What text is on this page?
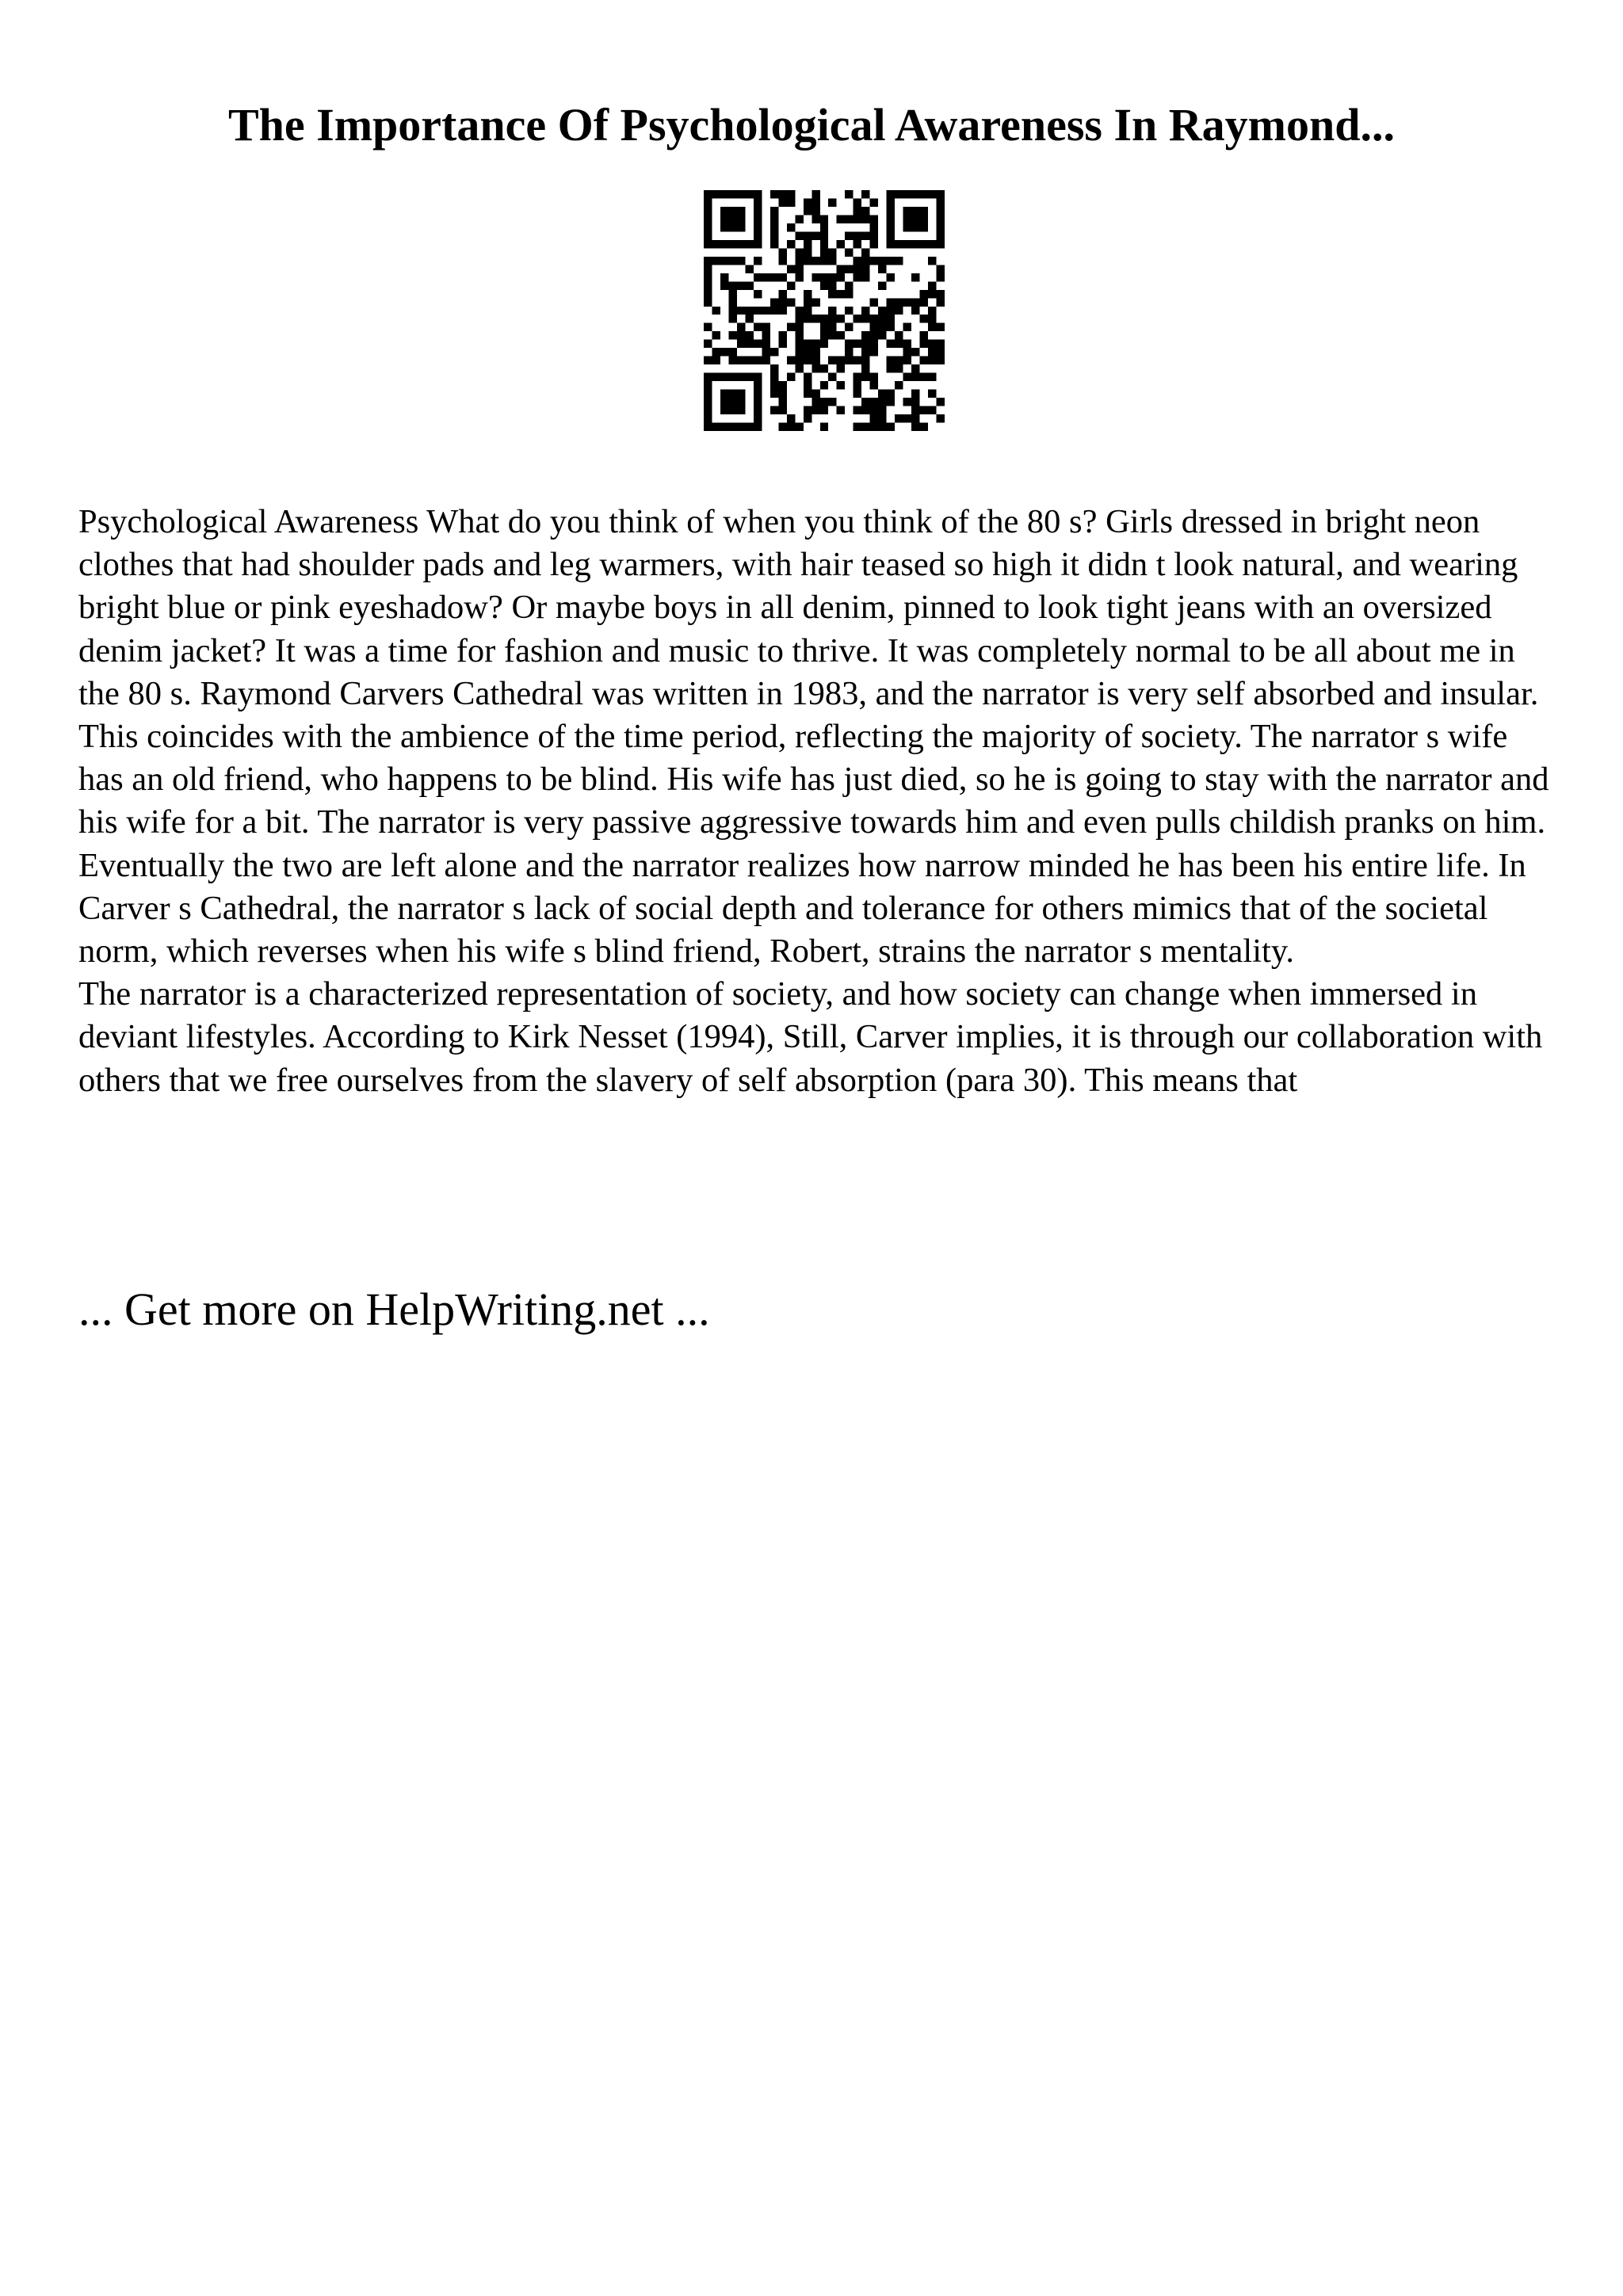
The Importance Of Psychological Awareness In Raymond...

Psychological Awareness What do you think of when you think of the 80 s? Girls dressed in bright neon clothes that had shoulder pads and leg warmers, with hair teased so high it didn t look natural, and wearing bright blue or pink eyeshadow? Or maybe boys in all denim, pinned to look tight jeans with an oversized denim jacket? It was a time for fashion and music to thrive. It was completely normal to be all about me in the 80 s. Raymond Carvers Cathedral was written in 1983, and the narrator is very self absorbed and insular. This coincides with the ambience of the time period, reflecting the majority of society. The narrator s wife has an old friend, who happens to be blind. His wife has just died, so he is going to stay with the narrator and his wife for a bit. The narrator is very passive aggressive towards him and even pulls childish pranks on him. Eventually the two are left alone and the narrator realizes how narrow minded he has been his entire life. In Carver s Cathedral, the narrator s lack of social depth and tolerance for others mimics that of the societal norm, which reverses when his wife s blind friend, Robert, strains the narrator s mentality.

The narrator is a characterized representation of society, and how society can change when immersed in deviant lifestyles. According to Kirk Nesset (1994), Still, Carver implies, it is through our collaboration with others that we free ourselves from the slavery of self absorption (para 30). This means that

... Get more on HelpWriting.net ...
